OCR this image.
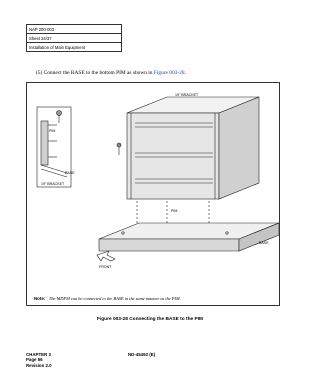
NAP 200-003
Sheet 24/37
Installation of Main Equipment
(5) Connect the BASE to the bottom PIM as shown in Figure 003-28.
19" BRACKET
PIM
BASE
19" BRACKET
PIM
BASE
FRONT
Note: The MDFM can be connected to the BASE in the same manner as the PIM.
Figure 003-28 Connecting the BASE to the PIM
CHAPTER 3
Page 56
Revision 2.0
ND-45492 (E)
